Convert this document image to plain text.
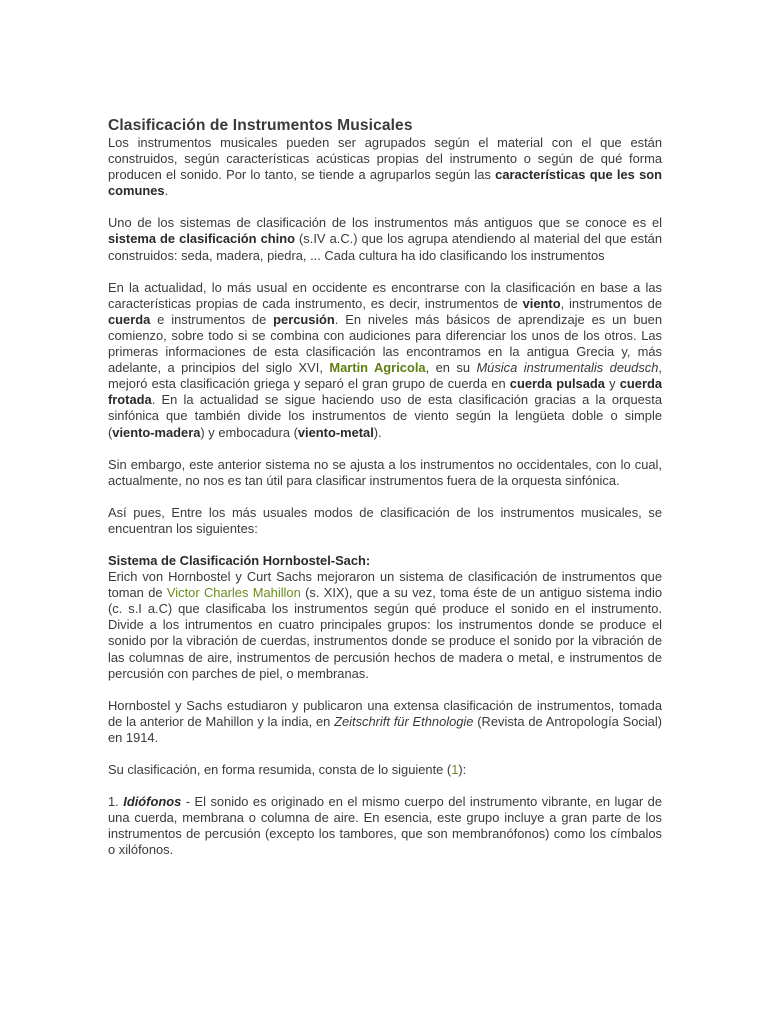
Clasificación de Instrumentos Musicales

Los instrumentos musicales pueden ser agrupados según el material con el que están construidos, según características acústicas propias del instrumento o según de qué forma producen el sonido. Por lo tanto, se tiende a agruparlos según las características que les son comunes.

Uno de los sistemas de clasificación de los instrumentos más antiguos que se conoce es el sistema de clasificación chino (s.IV a.C.) que los agrupa atendiendo al material del que están construidos: seda, madera, piedra, ... Cada cultura ha ido clasificando los instrumentos

En la actualidad, lo más usual en occidente es encontrarse con la clasificación en base a las características propias de cada instrumento, es decir, instrumentos de viento, instrumentos de cuerda e instrumentos de percusión. En niveles más básicos de aprendizaje es un buen comienzo, sobre todo si se combina con audiciones para diferenciar los unos de los otros. Las primeras informaciones de esta clasificación las encontramos en la antigua Grecia y, más adelante, a principios del siglo XVI, Martin Agricola, en su Música instrumentalis deudsch, mejoró esta clasificación griega y separó el gran grupo de cuerda en cuerda pulsada y cuerda frotada. En la actualidad se sigue haciendo uso de esta clasificación gracias a la orquesta sinfónica que también divide los instrumentos de viento según la lengüeta doble o simple (viento-madera) y embocadura (viento-metal).

Sin embargo, este anterior sistema no se ajusta a los instrumentos no occidentales, con lo cual, actualmente, no nos es tan útil para clasificar instrumentos fuera de la orquesta sinfónica.

Así pues, Entre los más usuales modos de clasificación de los instrumentos musicales, se encuentran los siguientes:

Sistema de Clasificación Hornbostel-Sach:
Erich von Hornbostel y Curt Sachs mejoraron un sistema de clasificación de instrumentos que toman de Victor Charles Mahillon (s. XIX), que a su vez, toma éste de un antiguo sistema indio (c. s.I a.C) que clasificaba los instrumentos según qué produce el sonido en el instrumento. Divide a los intrumentos en cuatro principales grupos: los instrumentos donde se produce el sonido por la vibración de cuerdas, instrumentos donde se produce el sonido por la vibración de las columnas de aire, instrumentos de percusión hechos de madera o metal, e instrumentos de percusión con parches de piel, o membranas.

Hornbostel y Sachs estudiaron y publicaron una extensa clasificación de instrumentos, tomada de la anterior de Mahillon y la india, en Zeitschrift für Ethnologie (Revista de Antropología Social) en 1914.

Su clasificación, en forma resumida, consta de lo siguiente (1):

1. Idiófonos - El sonido es originado en el mismo cuerpo del instrumento vibrante, en lugar de una cuerda, membrana o columna de aire. En esencia, este grupo incluye a gran parte de los instrumentos de percusión (excepto los tambores, que son membranófonos) como los címbalos o xilófonos.
